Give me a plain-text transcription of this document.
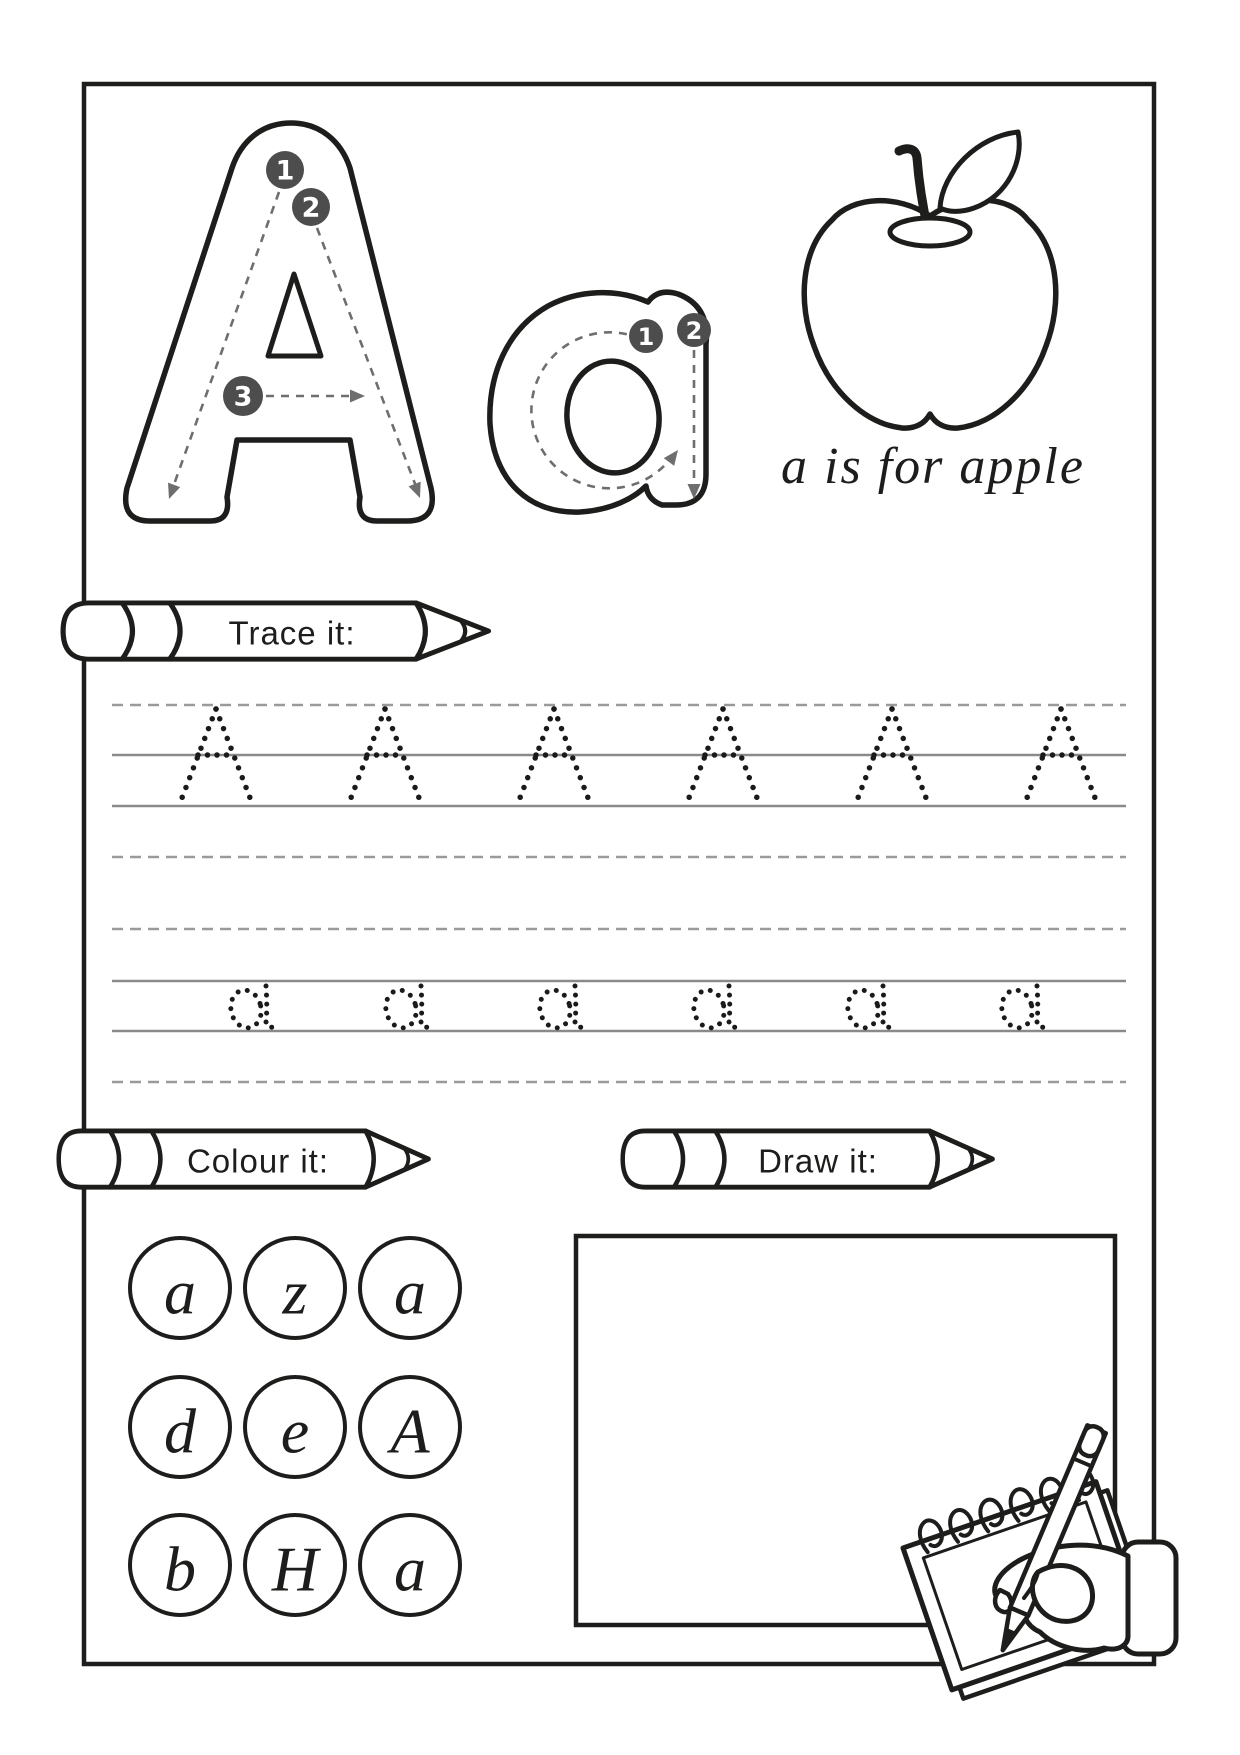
1
2
3
1 2
a is for apple
Trace it:
Colour it:	Draw it:
a z a
d e A
b H a
